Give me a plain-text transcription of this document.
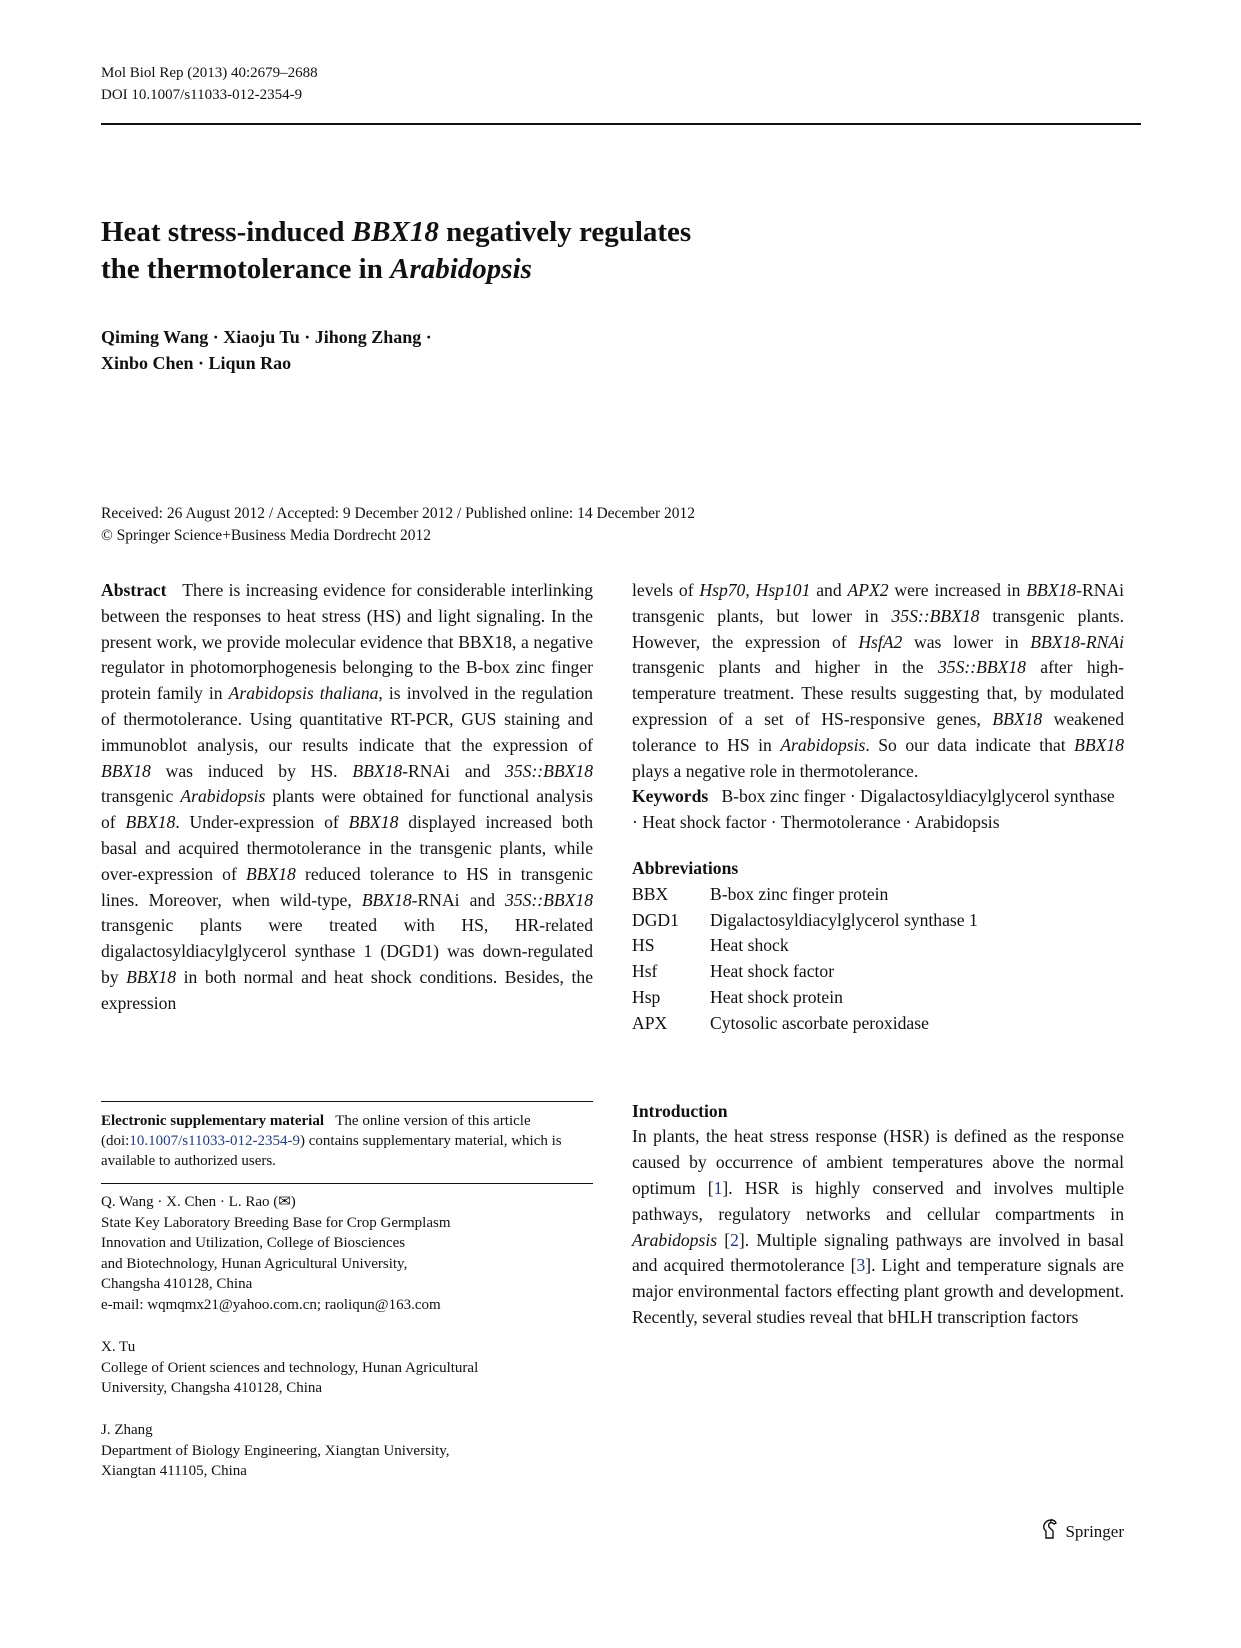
Mol Biol Rep (2013) 40:2679–2688
DOI 10.1007/s11033-012-2354-9
Heat stress-induced BBX18 negatively regulates
the thermotolerance in Arabidopsis
Qiming Wang · Xiaoju Tu · Jihong Zhang ·
Xinbo Chen · Liqun Rao
Received: 26 August 2012 / Accepted: 9 December 2012 / Published online: 14 December 2012
© Springer Science+Business Media Dordrecht 2012

Abstract There is increasing evidence for considerable interlinking between the responses to heat stress (HS) and light signaling. In the present work, we provide molecular evidence that BBX18, a negative regulator in photomorphogenesis belonging to the B-box zinc finger protein family in Arabidopsis thaliana, is involved in the regulation of thermotolerance. Using quantitative RT-PCR, GUS staining and immunoblot analysis, our results indicate that the expression of BBX18 was induced by HS. BBX18-RNAi and 35S::BBX18 transgenic Arabidopsis plants were obtained for functional analysis of BBX18. Under-expression of BBX18 displayed increased both basal and acquired thermotolerance in the transgenic plants, while over-expression of BBX18 reduced tolerance to HS in transgenic lines. Moreover, when wild-type, BBX18-RNAi and 35S::BBX18 transgenic plants were treated with HS, HR-related digalactosyldiacylglycerol synthase 1 (DGD1) was down-regulated by BBX18 in both normal and heat shock conditions. Besides, the expression

Electronic supplementary material The online version of this article (doi:10.1007/s11033-012-2354-9) contains supplementary material, which is available to authorized users.
Q. Wang · X. Chen · L. Rao (✉)
State Key Laboratory Breeding Base for Crop Germplasm
Innovation and Utilization, College of Biosciences
and Biotechnology, Hunan Agricultural University,
Changsha 410128, China
e-mail: wqmqmx21@yahoo.com.cn; raoliqun@163.com
X. Tu
College of Orient sciences and technology, Hunan Agricultural
University, Changsha 410128, China
J. Zhang
Department of Biology Engineering, Xiangtan University,
Xiangtan 411105, China

levels of Hsp70, Hsp101 and APX2 were increased in BBX18-RNAi transgenic plants, but lower in 35S::BBX18 transgenic plants. However, the expression of HsfA2 was lower in BBX18-RNAi transgenic plants and higher in the 35S::BBX18 after high-temperature treatment. These results suggesting that, by modulated expression of a set of HS-responsive genes, BBX18 weakened tolerance to HS in Arabidopsis. So our data indicate that BBX18 plays a negative role in thermotolerance.

Keywords B-box zinc finger · Digalactosyldiacylglycerol synthase · Heat shock factor · Thermotolerance · Arabidopsis

Abbreviations
BBX	B-box zinc finger protein
DGD1	Digalactosyldiacylglycerol synthase 1
HS	Heat shock
Hsf	Heat shock factor
Hsp	Heat shock protein
APX	Cytosolic ascorbate peroxidase
Introduction

In plants, the heat stress response (HSR) is defined as the response caused by occurrence of ambient temperatures above the normal optimum [1]. HSR is highly conserved and involves multiple pathways, regulatory networks and cellular compartments in Arabidopsis [2]. Multiple signaling pathways are involved in basal and acquired thermotolerance [3]. Light and temperature signals are major environmental factors effecting plant growth and development. Recently, several studies reveal that bHLH transcription factors

Springer
